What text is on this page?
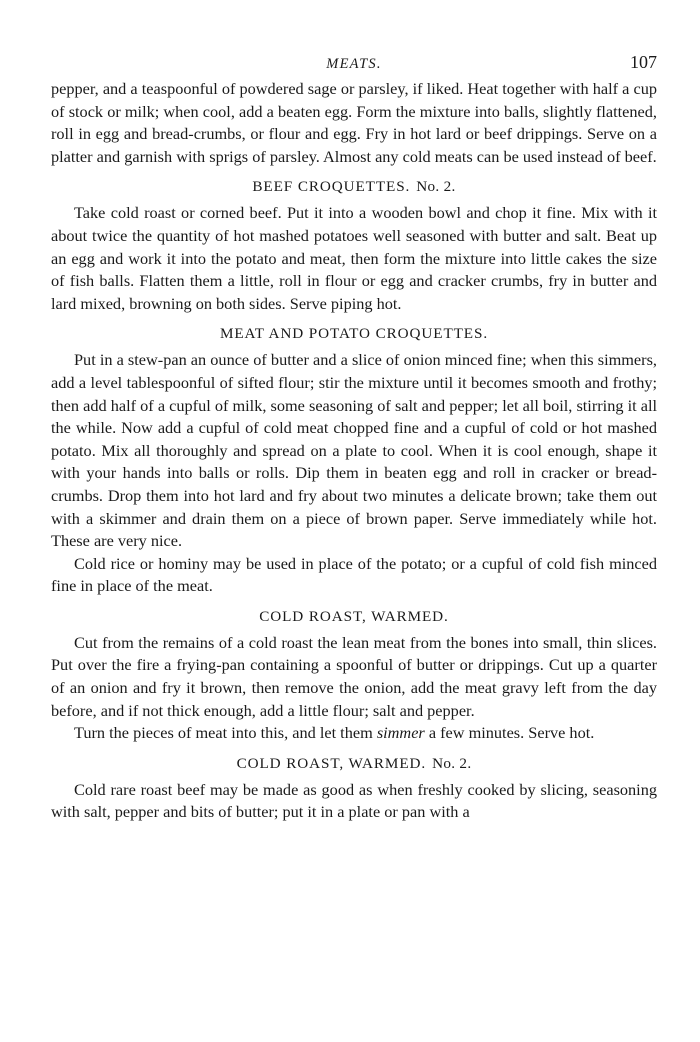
MEATS.	107

pepper, and a teaspoonful of powdered sage or parsley, if liked. Heat together with half a cup of stock or milk; when cool, add a beaten egg. Form the mixture into balls, slightly flattened, roll in egg and bread-crumbs, or flour and egg. Fry in hot lard or beef drippings. Serve on a platter and garnish with sprigs of parsley. Almost any cold meats can be used instead of beef.

BEEF CROQUETTES. No. 2.

Take cold roast or corned beef. Put it into a wooden bowl and chop it fine. Mix with it about twice the quantity of hot mashed potatoes well seasoned with butter and salt. Beat up an egg and work it into the potato and meat, then form the mixture into little cakes the size of fish balls. Flatten them a little, roll in flour or egg and cracker crumbs, fry in butter and lard mixed, browning on both sides. Serve piping hot.

MEAT AND POTATO CROQUETTES.

Put in a stew-pan an ounce of butter and a slice of onion minced fine; when this simmers, add a level tablespoonful of sifted flour; stir the mixture until it becomes smooth and frothy; then add half of a cupful of milk, some seasoning of salt and pepper; let all boil, stirring it all the while. Now add a cupful of cold meat chopped fine and a cupful of cold or hot mashed potato. Mix all thoroughly and spread on a plate to cool. When it is cool enough, shape it with your hands into balls or rolls. Dip them in beaten egg and roll in cracker or bread-crumbs. Drop them into hot lard and fry about two minutes a delicate brown; take them out with a skimmer and drain them on a piece of brown paper. Serve immediately while hot. These are very nice.

Cold rice or hominy may be used in place of the potato; or a cupful of cold fish minced fine in place of the meat.

COLD ROAST, WARMED.

Cut from the remains of a cold roast the lean meat from the bones into small, thin slices. Put over the fire a frying-pan containing a spoonful of butter or drippings. Cut up a quarter of an onion and fry it brown, then remove the onion, add the meat gravy left from the day before, and if not thick enough, add a little flour; salt and pepper.

Turn the pieces of meat into this, and let them simmer a few minutes. Serve hot.

COLD ROAST, WARMED. No. 2.

Cold rare roast beef may be made as good as when freshly cooked by slicing, seasoning with salt, pepper and bits of butter; put it in a plate or pan with a
